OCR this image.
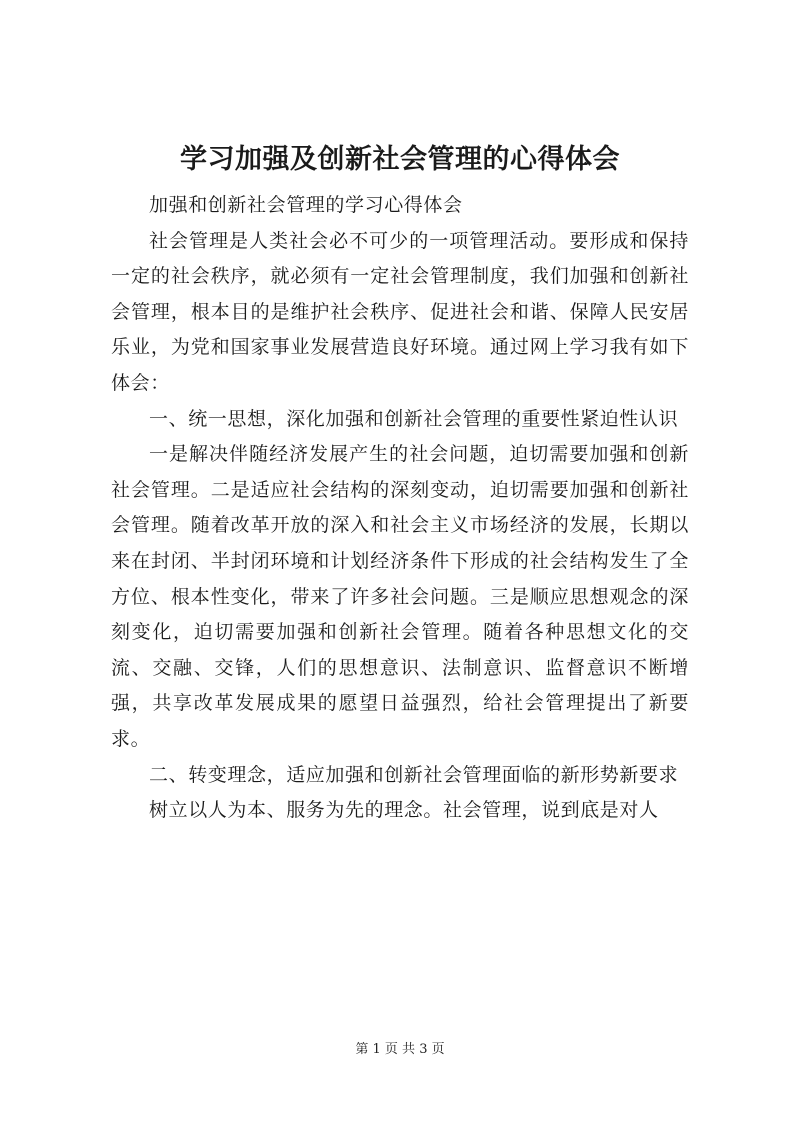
学习加强及创新社会管理的心得体会

加强和创新社会管理的学习心得体会

社会管理是人类社会必不可少的一项管理活动。要形成和保持一定的社会秩序，就必须有一定社会管理制度，我们加强和创新社会管理，根本目的是维护社会秩序、促进社会和谐、保障人民安居乐业，为党和国家事业发展营造良好环境。通过网上学习我有如下体会：

一、统一思想，深化加强和创新社会管理的重要性紧迫性认识

一是解决伴随经济发展产生的社会问题，迫切需要加强和创新社会管理。二是适应社会结构的深刻变动，迫切需要加强和创新社会管理。随着改革开放的深入和社会主义市场经济的发展，长期以来在封闭、半封闭环境和计划经济条件下形成的社会结构发生了全方位、根本性变化，带来了许多社会问题。三是顺应思想观念的深刻变化，迫切需要加强和创新社会管理。随着各种思想文化的交流、交融、交锋，人们的思想意识、法制意识、监督意识不断增强，共享改革发展成果的愿望日益强烈，给社会管理提出了新要求。

二、转变理念，适应加强和创新社会管理面临的新形势新要求

树立以人为本、服务为先的理念。社会管理，说到底是对人

第 1 页 共 3 页
